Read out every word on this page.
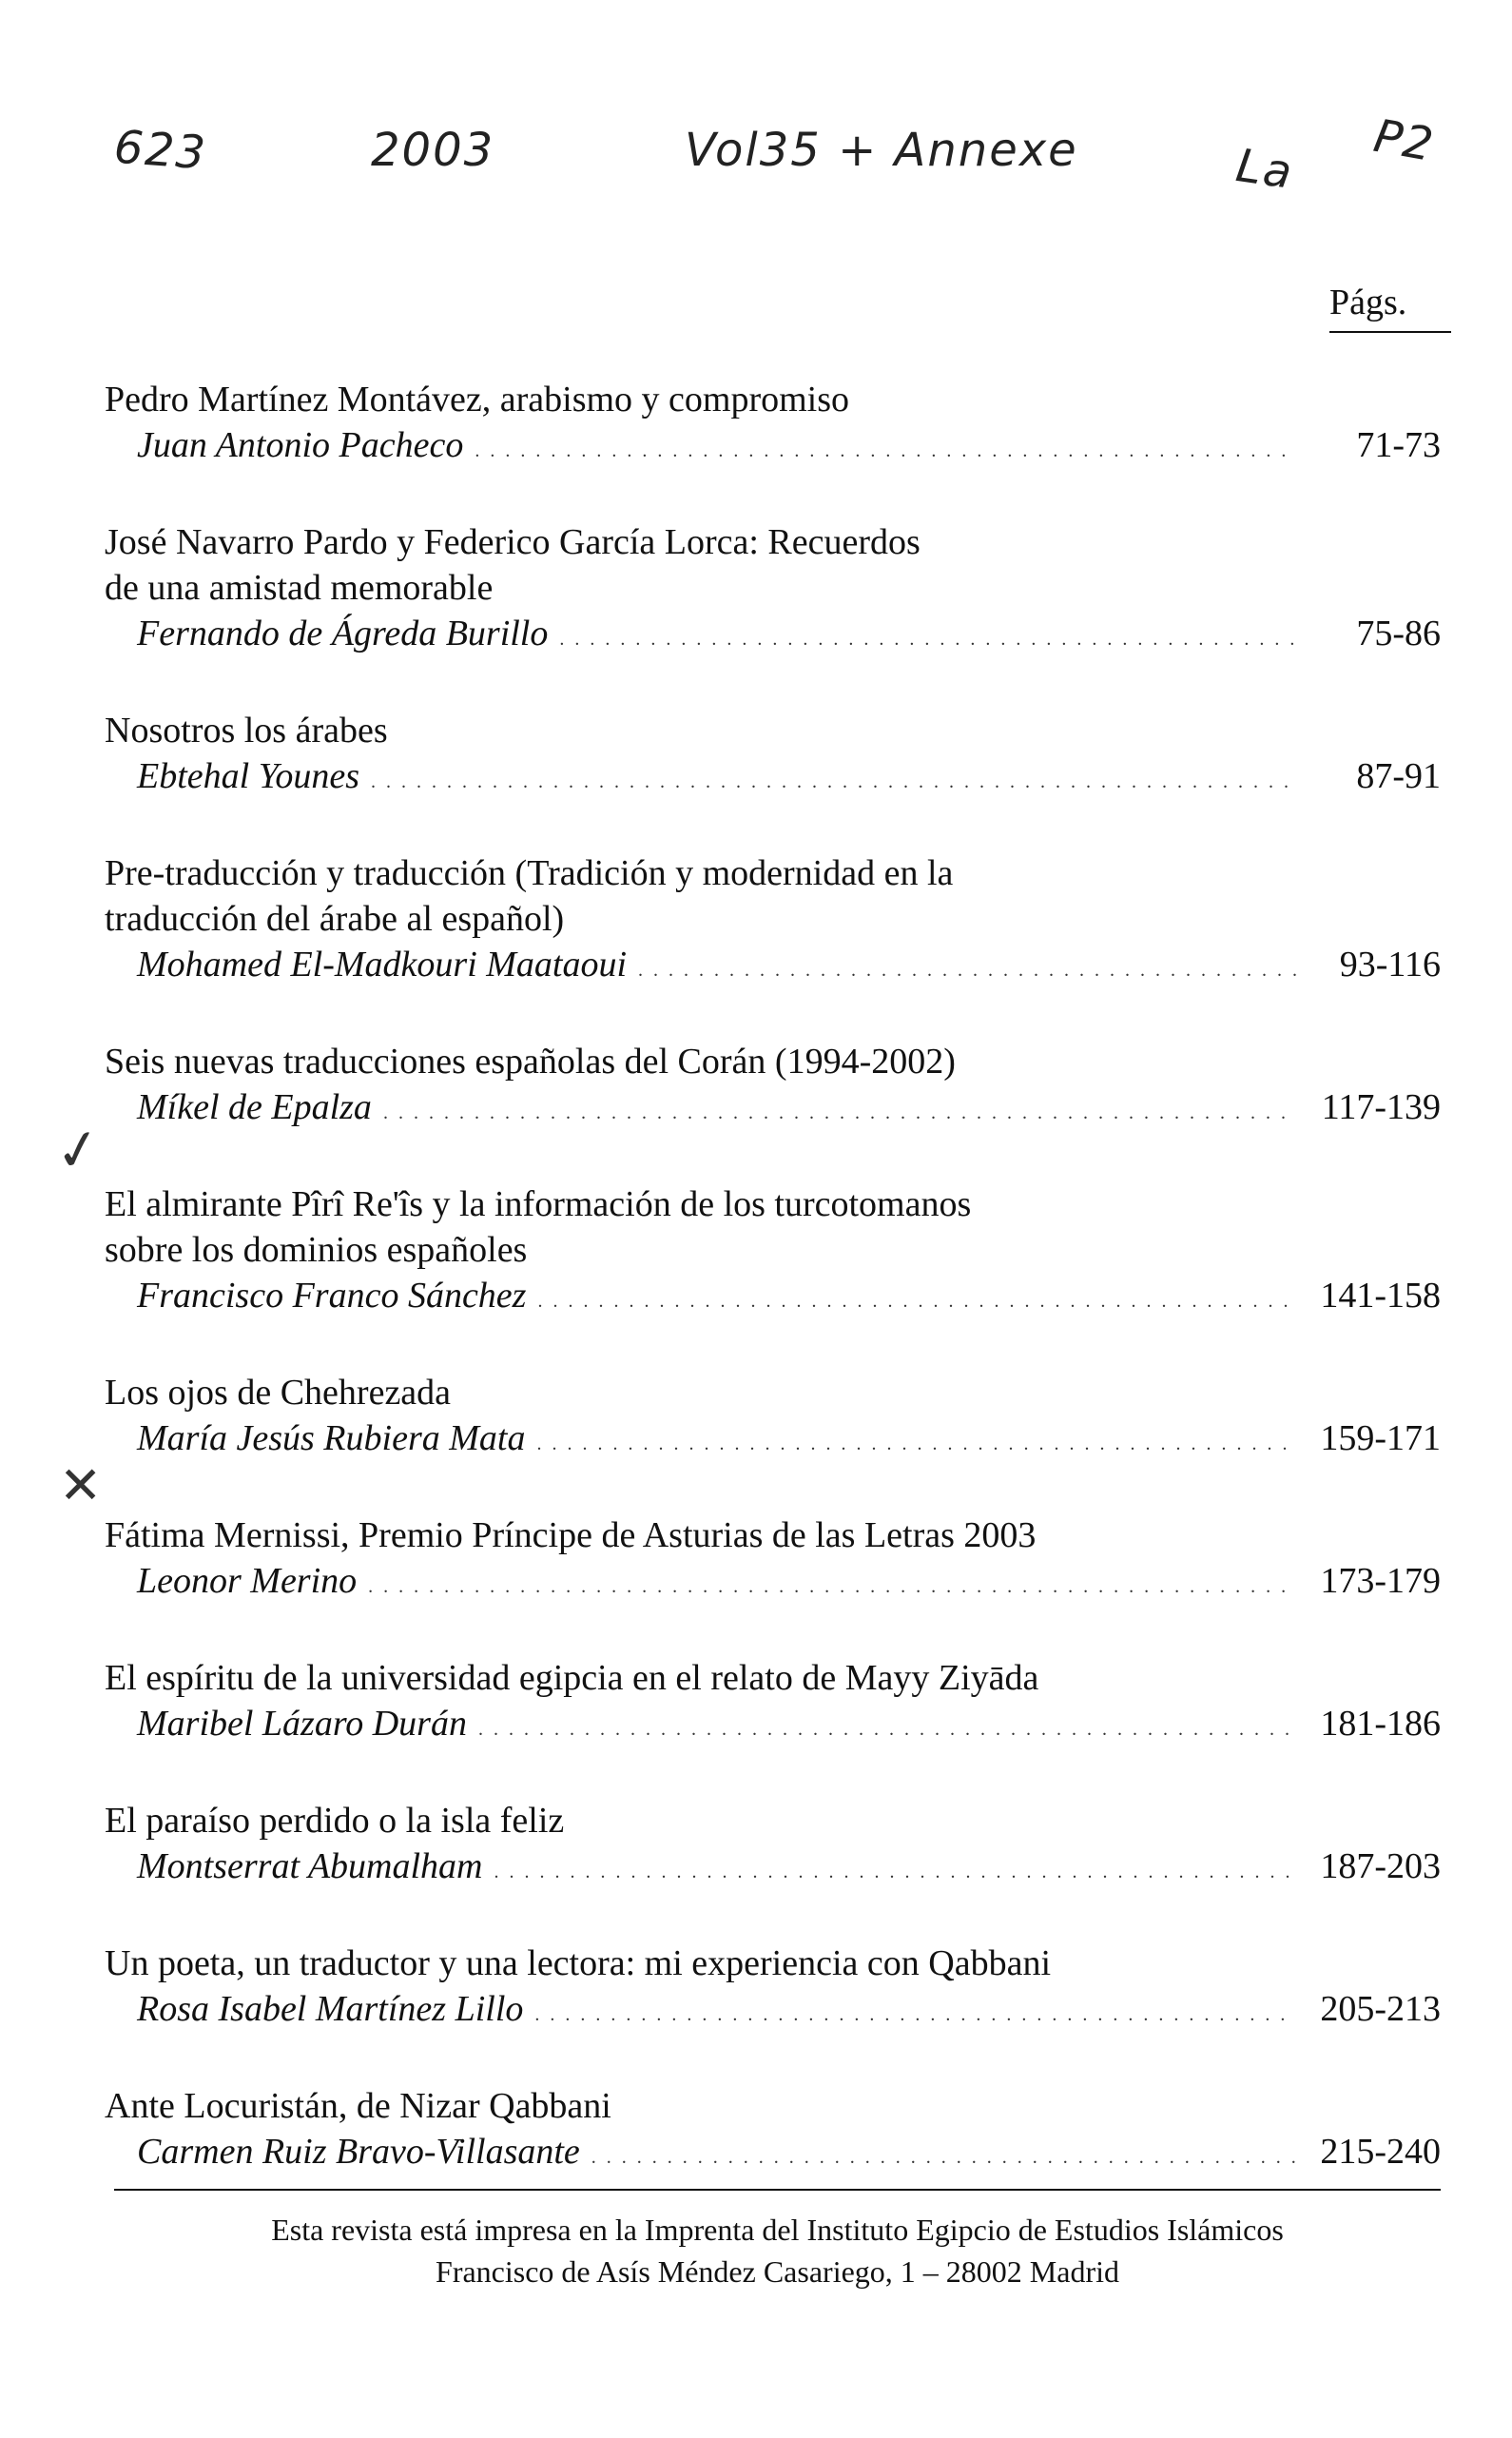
623	2003	Vol35 + Annexe	La P2
Págs.
✓
✕
Pedro Martínez Montávez, arabismo y compromiso
Juan Antonio Pacheco . . .	71-73
José Navarro Pardo y Federico García Lorca: Recuerdos
de una amistad memorable
Fernando de Ágreda Burillo . . .	75-86
Nosotros los árabes
Ebtehal Younes . . .	87-91
Pre-traducción y traducción (Tradición y modernidad en la
traducción del árabe al español)
Mohamed El-Madkouri Maataoui . . .	93-116
Seis nuevas traducciones españolas del Corán (1994-2002)
Míkel de Epalza . . .	117-139
El almirante Pîrî Re'îs y la información de los turcotomanos
sobre los dominios españoles
Francisco Franco Sánchez . . .	141-158
Los ojos de Chehrezada
María Jesús Rubiera Mata . . .	159-171
Fátima Mernissi, Premio Príncipe de Asturias de las Letras 2003
Leonor Merino . . .	173-179
El espíritu de la universidad egipcia en el relato de Mayy Ziyāda
Maribel Lázaro Durán . . .	181-186
El paraíso perdido o la isla feliz
Montserrat Abumalham . . .	187-203
Un poeta, un traductor y una lectora: mi experiencia con Qabbani
Rosa Isabel Martínez Lillo . . .	205-213
Ante Locuristán, de Nizar Qabbani
Carmen Ruiz Bravo-Villasante . . .	215-240
Esta revista está impresa en la Imprenta del Instituto Egipcio de Estudios Islámicos
Francisco de Asís Méndez Casariego, 1 – 28002 Madrid
